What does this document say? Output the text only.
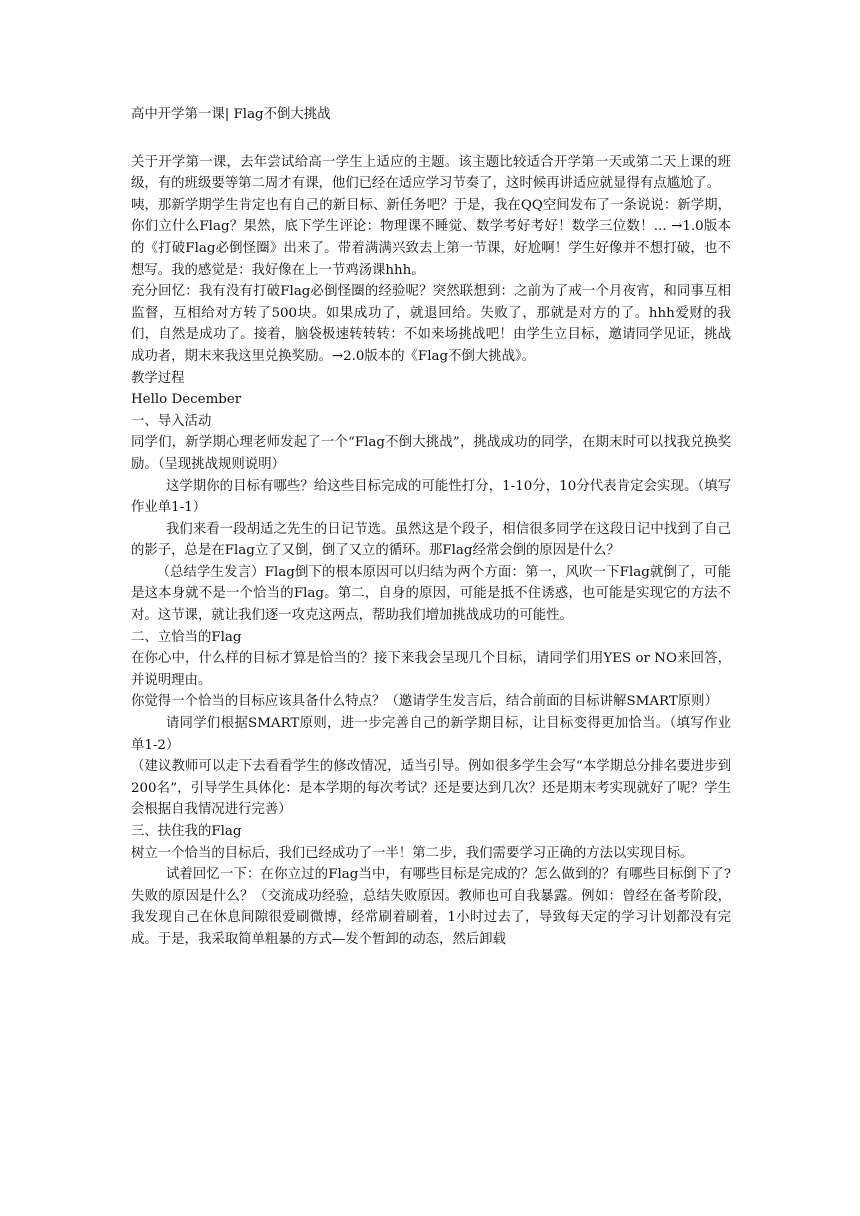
高中开学第一课| Flag不倒大挑战

关于开学第一课，去年尝试给高一学生上适应的主题。该主题比较适合开学第一天或第二天上课的班级，有的班级要等第二周才有课，他们已经在适应学习节奏了，这时候再讲适应就显得有点尴尬了。

咦，那新学期学生肯定也有自己的新目标、新任务吧？于是，我在QQ空间发布了一条说说：新学期，你们立什么Flag？果然，底下学生评论：物理课不睡觉、数学考好考好！数学三位数！... →1.0版本的《打破Flag必倒怪圈》出来了。带着满满兴致去上第一节课，好尬啊！学生好像并不想打破，也不想写。我的感觉是：我好像在上一节鸡汤课hhh。

充分回忆：我有没有打破Flag必倒怪圈的经验呢？突然联想到：之前为了戒一个月夜宵，和同事互相监督，互相给对方转了500块。如果成功了，就退回给。失败了，那就是对方的了。hhh爱财的我们，自然是成功了。接着，脑袋极速转转转：不如来场挑战吧！由学生立目标，邀请同学见证，挑战成功者，期末来我这里兑换奖励。→2.0版本的《Flag不倒大挑战》。

教学过程

Hello December

一、导入活动

同学们，新学期心理老师发起了一个“Flag不倒大挑战”，挑战成功的同学，在期末时可以找我兑换奖励。（呈现挑战规则说明）

这学期你的目标有哪些？给这些目标完成的可能性打分，1-10分，10分代表肯定会实现。（填写作业单1-1）

我们来看一段胡适之先生的日记节选。虽然这是个段子，相信很多同学在这段日记中找到了自己的影子，总是在Flag立了又倒，倒了又立的循环。那Flag经常会倒的原因是什么？

（总结学生发言）Flag倒下的根本原因可以归结为两个方面：第一，风吹一下Flag就倒了，可能是这本身就不是一个恰当的Flag。第二，自身的原因，可能是抵不住诱惑，也可能是实现它的方法不对。这节课，就让我们逐一攻克这两点，帮助我们增加挑战成功的可能性。

二、立恰当的Flag

在你心中，什么样的目标才算是恰当的？接下来我会呈现几个目标，请同学们用YES or NO来回答，并说明理由。

你觉得一个恰当的目标应该具备什么特点？（邀请学生发言后，结合前面的目标讲解SMART原则）

请同学们根据SMART原则，进一步完善自己的新学期目标，让目标变得更加恰当。（填写作业单1-2）

（建议教师可以走下去看看学生的修改情况，适当引导。例如很多学生会写“本学期总分排名要进步到200名”，引导学生具体化：是本学期的每次考试？还是要达到几次？还是期末考实现就好了呢？学生会根据自我情况进行完善）

三、扶住我的Flag

树立一个恰当的目标后，我们已经成功了一半！第二步，我们需要学习正确的方法以实现目标。

试着回忆一下：在你立过的Flag当中，有哪些目标是完成的？怎么做到的？有哪些目标倒下了?失败的原因是什么？（交流成功经验，总结失败原因。教师也可自我暴露。例如：曾经在备考阶段，我发现自己在休息间隙很爱刷微博，经常刷着刷着，1小时过去了，导致每天定的学习计划都没有完成。于是，我采取简单粗暴的方式—发个暂卸的动态，然后卸载
